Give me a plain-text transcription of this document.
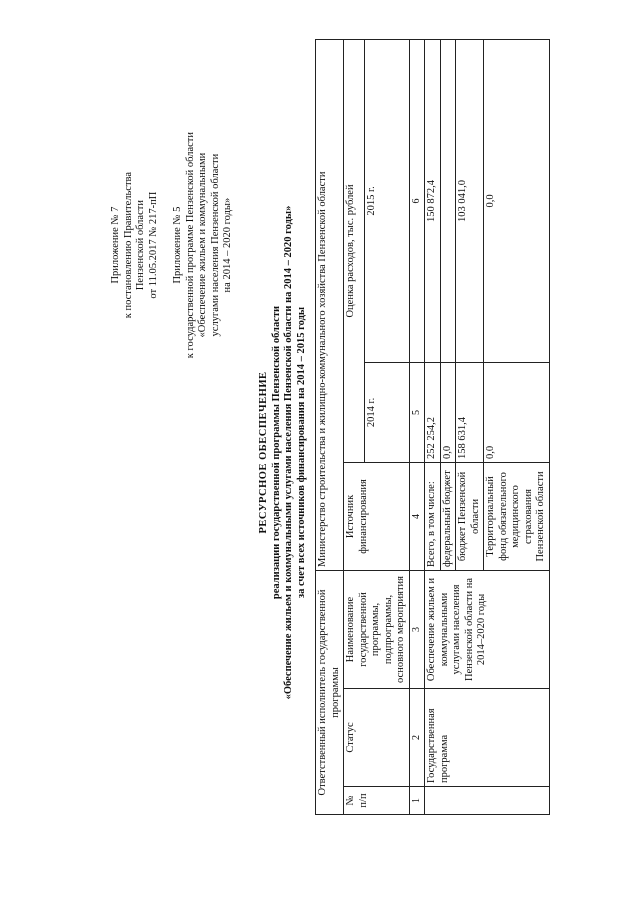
Приложение № 7 к постановлению Правительства Пензенской области от 11.05.2017 № 217-пП Приложение № 5 к государственной программе Пензенской области «Обеспечение жильем и коммунальными услугами населения Пензенской области на 2014 – 2020 годы»
РЕСУРСНОЕ ОБЕСПЕЧЕНИЕ реализации государственной программы Пензенской области «Обеспечение жильем и коммунальными услугами населения Пензенской области на 2014 – 2020 годы» за счет всех источников финансирования на 2014 – 2015 годы
Ответственный исполнитель государственной программы			Министерство строительства и жилищно-коммунального хозяйства Пензенской области		
№ п/п	Статус	Наименование государственной программы, подпрограммы, основного мероприятия	Источник финансирования	Оценка расходов, тыс. рублей	
				2014 г.	2015 г.
1	2	3	4	5	6
	Государственная программа	Обеспечение жильем и коммунальными услугами населения Пензенской области на 2014–2020 годы	Всего, в том числе:	252 254,2	150 872,4
			федеральный бюджет	0,0	
			бюджет Пензенской области	158 631,4	103 041,0
			Территориальный фонд обязательного медицинского страхования Пензенской области	0,0	0,0
